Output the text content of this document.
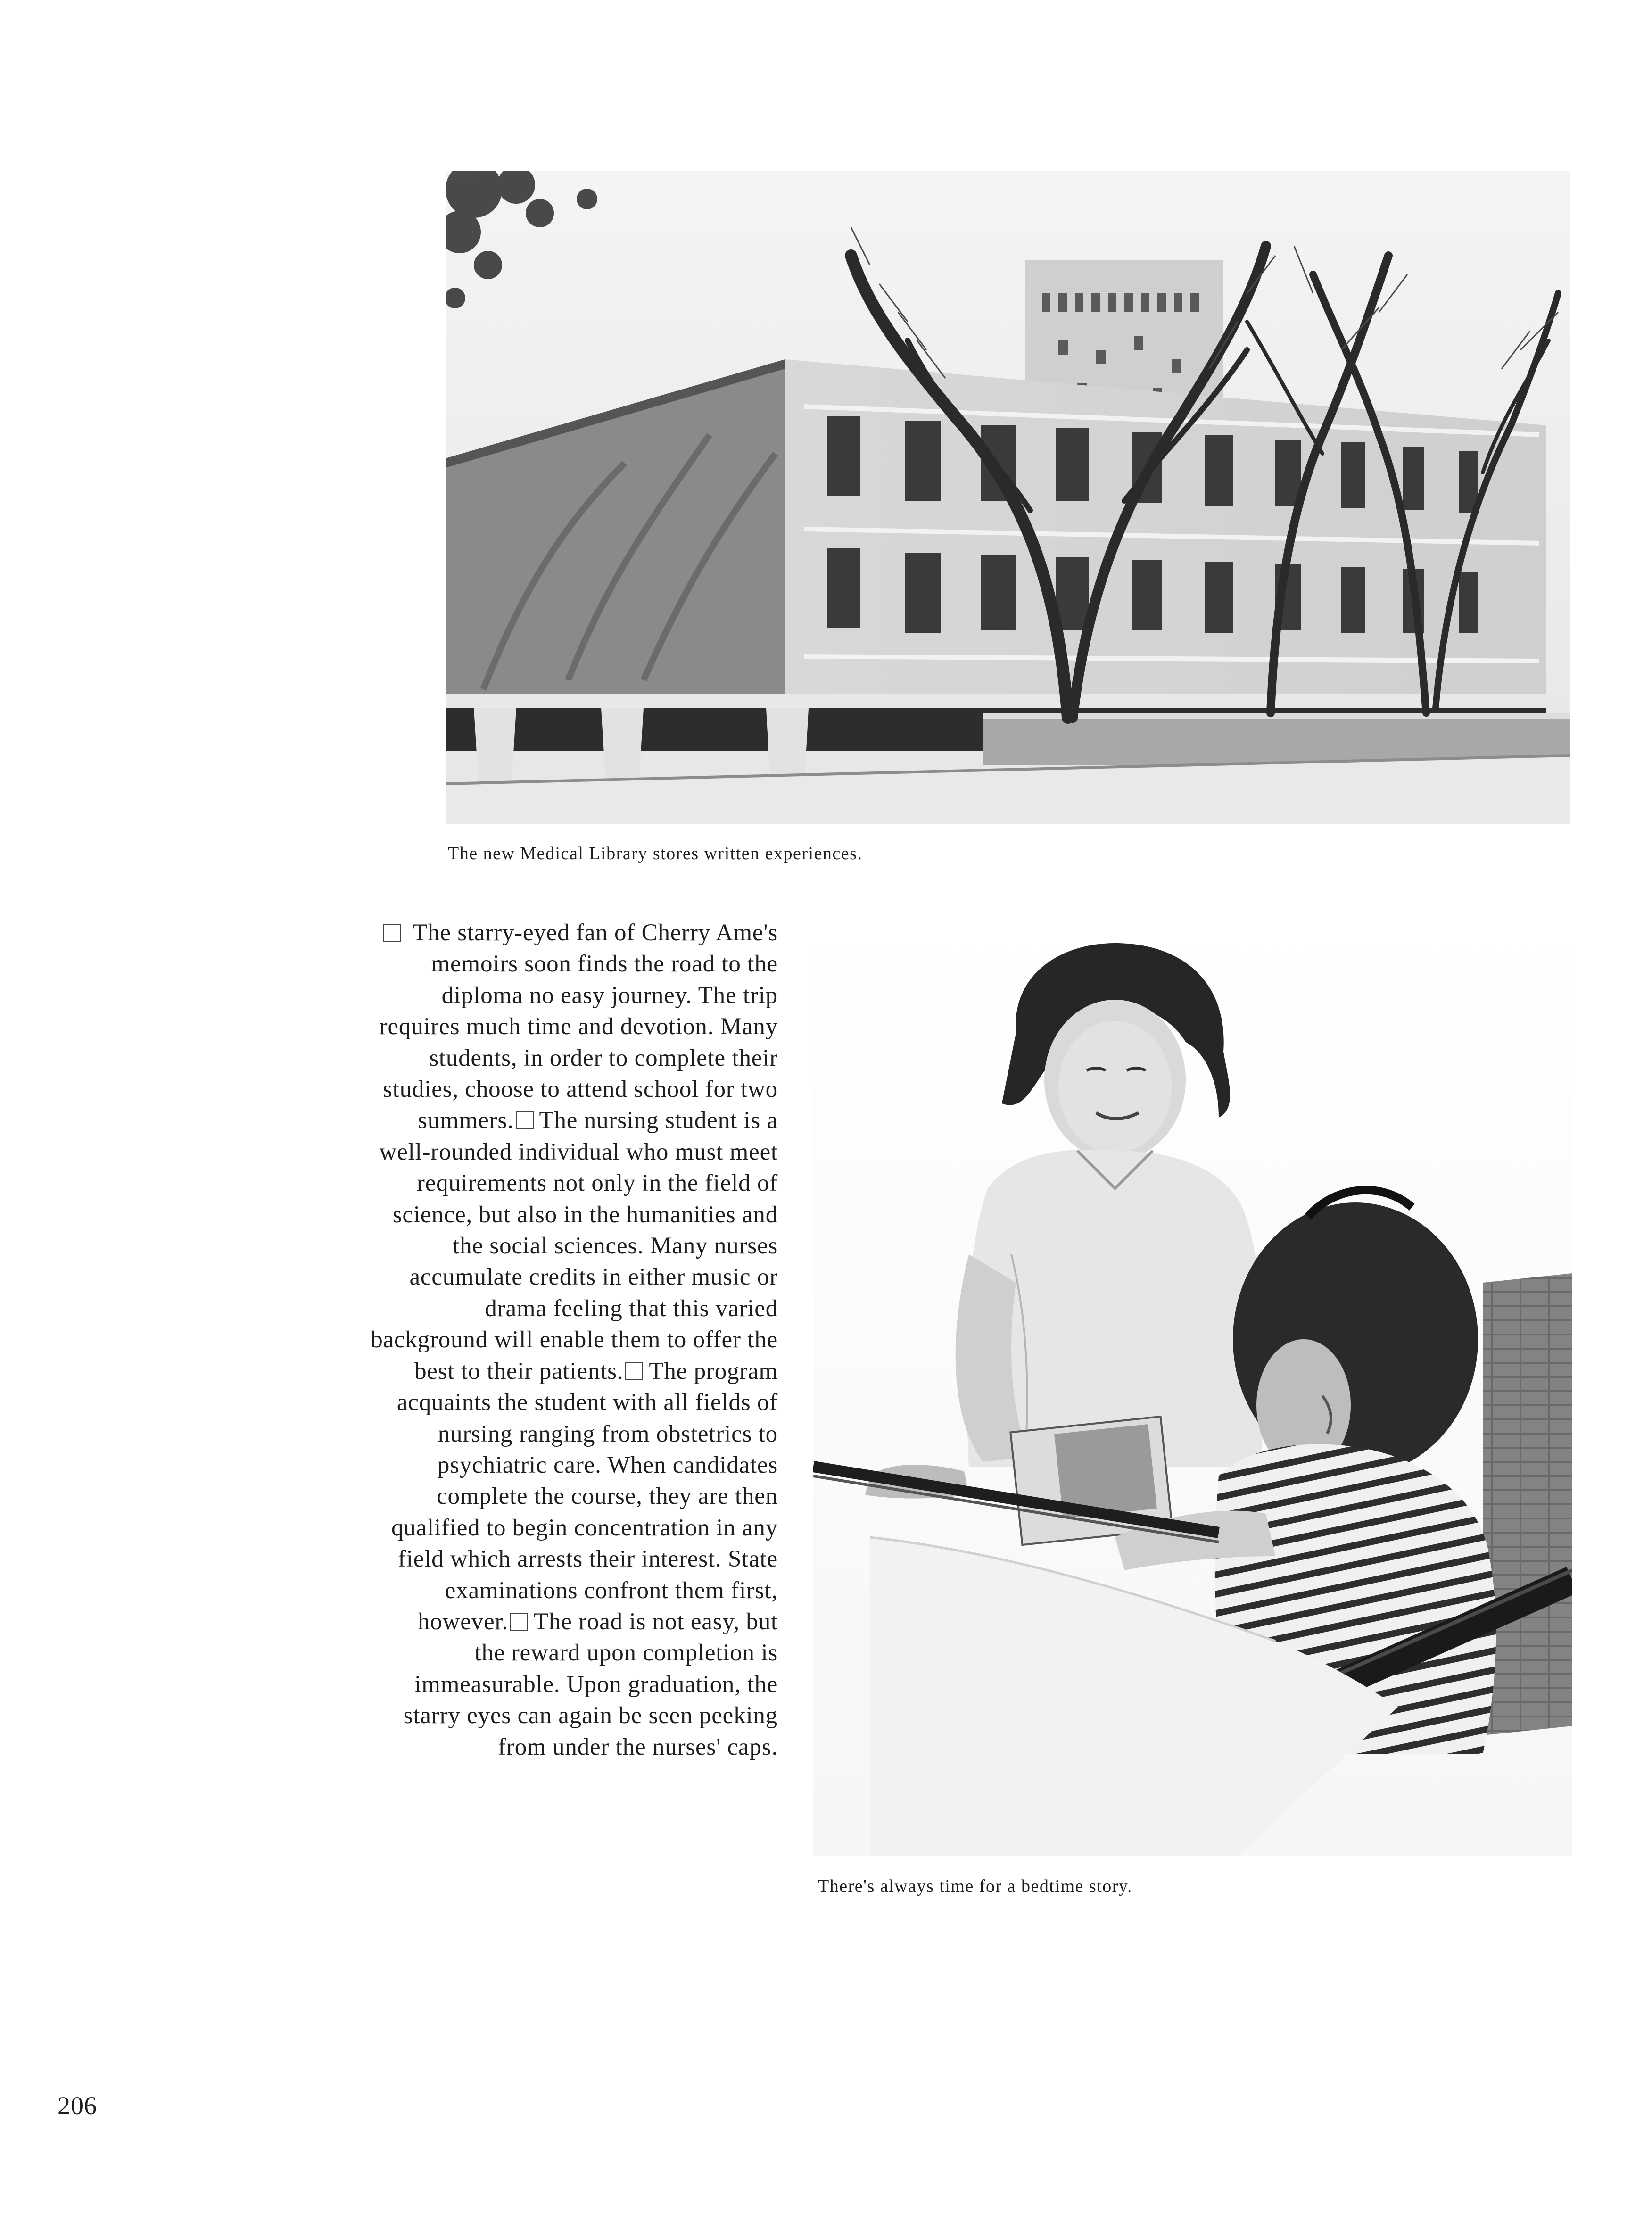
The new Medical Library stores written experiences.
The starry-eyed fan of Cherry Ame's
memoirs soon finds the road to the
diploma no easy journey. The trip
requires much time and devotion. Many
students, in order to complete their
studies, choose to attend school for two
summers. The nursing student is a
well-rounded individual who must meet
requirements not only in the field of
science, but also in the humanities and
the social sciences. Many nurses
accumulate credits in either music or
drama feeling that this varied
background will enable them to offer the
best to their patients. The program
acquaints the student with all fields of
nursing ranging from obstetrics to
psychiatric care. When candidates
complete the course, they are then
qualified to begin concentration in any
field which arrests their interest. State
examinations confront them first,
however. The road is not easy, but
the reward upon completion is
immeasurable. Upon graduation, the
starry eyes can again be seen peeking
from under the nurses' caps.
There's always time for a bedtime story.
206
